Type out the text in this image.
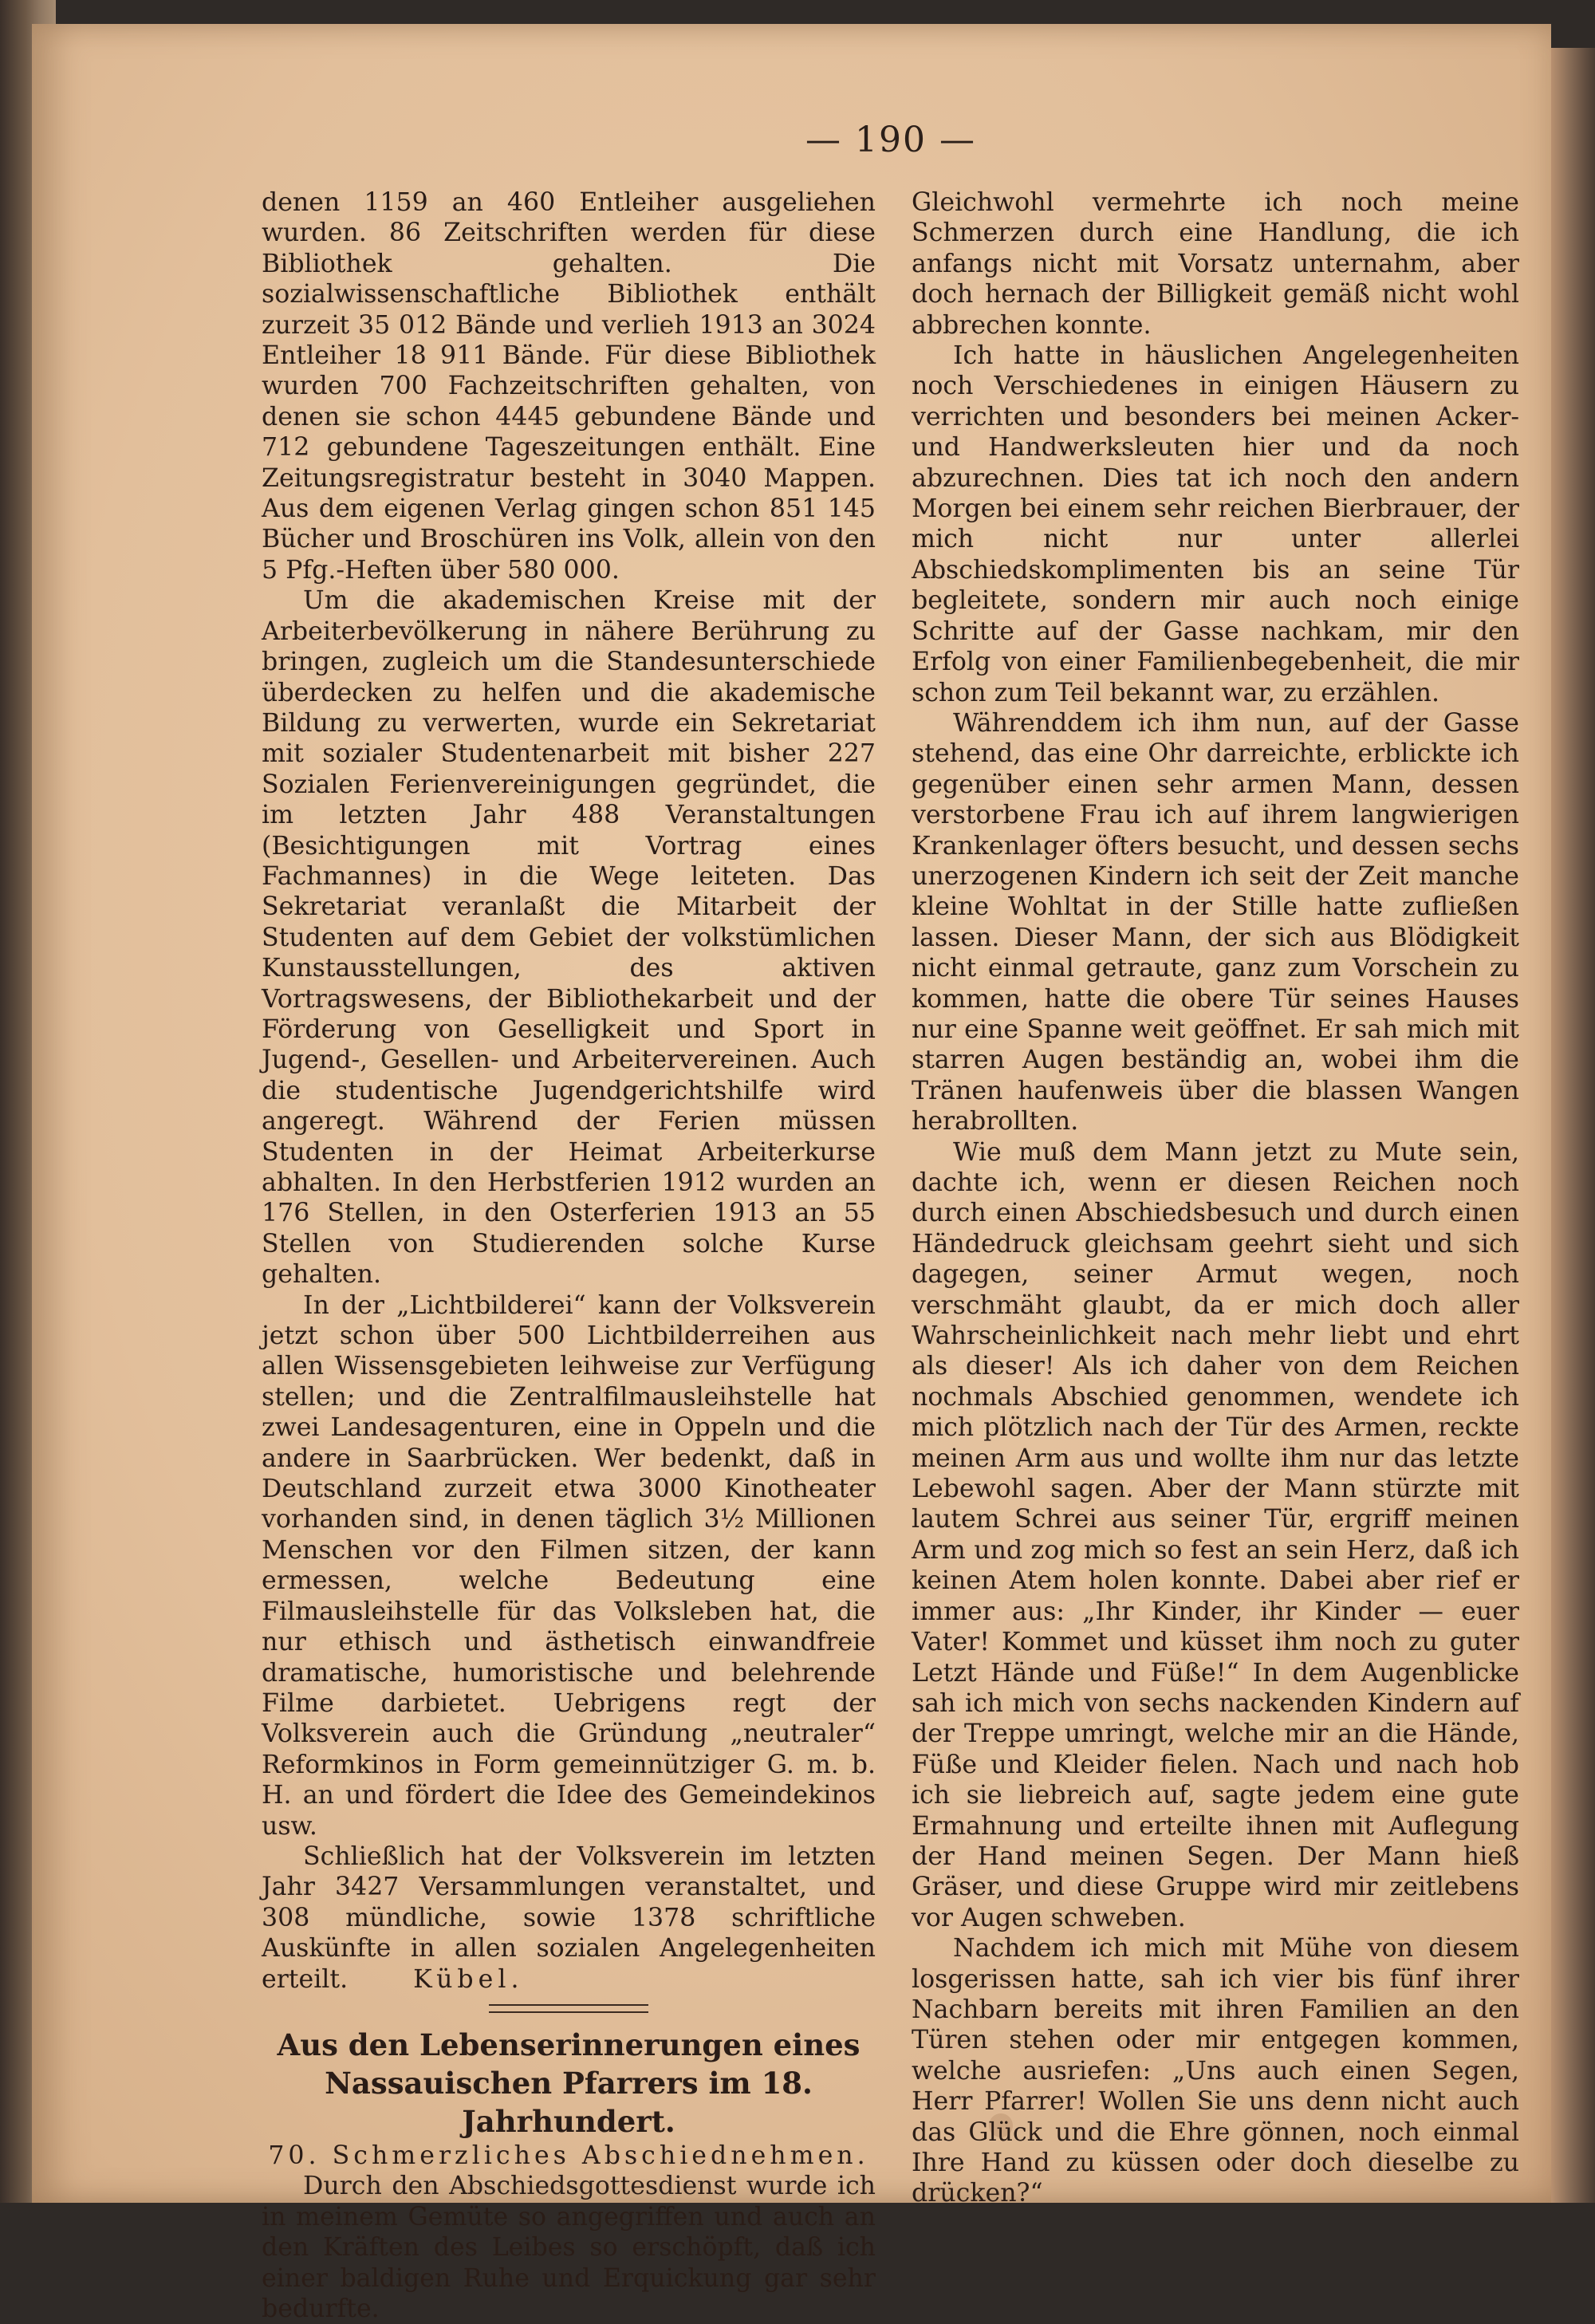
— 190 —

denen 1159 an 460 Entleiher ausgeliehen wurden. 86 Zeitschriften werden für diese Bibliothek gehalten. Die sozialwissenschaftliche Bibliothek enthält zurzeit 35 012 Bände und verlieh 1913 an 3024 Entleiher 18 911 Bände. Für diese Bibliothek wurden 700 Fachzeitschriften gehalten, von denen sie schon 4445 gebundene Bände und 712 gebundene Tageszeitungen enthält. Eine Zeitungsregistratur besteht in 3040 Mappen. Aus dem eigenen Verlag gingen schon 851 145 Bücher und Broschüren ins Volk, allein von den 5 Pfg.-Heften über 580 000.

Um die akademischen Kreise mit der Arbeiterbevölkerung in nähere Berührung zu bringen, zugleich um die Standesunterschiede überdecken zu helfen und die akademische Bildung zu verwerten, wurde ein Sekretariat mit sozialer Studentenarbeit mit bisher 227 Sozialen Ferienvereinigungen gegründet, die im letzten Jahr 488 Veranstaltungen (Besichtigungen mit Vortrag eines Fachmannes) in die Wege leiteten. Das Sekretariat veranlaßt die Mitarbeit der Studenten auf dem Gebiet der volkstümlichen Kunstausstellungen, des aktiven Vortragswesens, der Bibliothekarbeit und der Förderung von Geselligkeit und Sport in Jugend-, Gesellen- und Arbeitervereinen. Auch die studentische Jugendgerichtshilfe wird angeregt. Während der Ferien müssen Studenten in der Heimat Arbeiterkurse abhalten. In den Herbstferien 1912 wurden an 176 Stellen, in den Osterferien 1913 an 55 Stellen von Studierenden solche Kurse gehalten.

In der „Lichtbilderei“ kann der Volksverein jetzt schon über 500 Lichtbilderreihen aus allen Wissensgebieten leihweise zur Verfügung stellen; und die Zentralfilmausleihstelle hat zwei Landesagenturen, eine in Oppeln und die andere in Saarbrücken. Wer bedenkt, daß in Deutschland zurzeit etwa 3000 Kinotheater vorhanden sind, in denen täglich 3½ Millionen Menschen vor den Filmen sitzen, der kann ermessen, welche Bedeutung eine Filmausleihstelle für das Volksleben hat, die nur ethisch und ästhetisch einwandfreie dramatische, humoristische und belehrende Filme darbietet. Uebrigens regt der Volksverein auch die Gründung „neutraler“ Reformkinos in Form gemeinnütziger G. m. b. H. an und fördert die Idee des Gemeindekinos usw.

Schließlich hat der Volksverein im letzten Jahr 3427 Versammlungen veranstaltet, und 308 mündliche, sowie 1378 schriftliche Auskünfte in allen sozialen Angelegenheiten erteilt.	Kübel.

Aus den Lebenserinnerungen eines Nassauischen Pfarrers im 18. Jahrhundert.

70. Schmerzliches Abschiednehmen.

Durch den Abschiedsgottesdienst wurde ich in meinem Gemüte so angegriffen und auch an den Kräften des Leibes so erschöpft, daß ich einer baldigen Ruhe und Erquickung gar sehr bedurfte.

Gleichwohl vermehrte ich noch meine Schmerzen durch eine Handlung, die ich anfangs nicht mit Vorsatz unternahm, aber doch hernach der Billigkeit gemäß nicht wohl abbrechen konnte.

Ich hatte in häuslichen Angelegenheiten noch Verschiedenes in einigen Häusern zu verrichten und besonders bei meinen Acker- und Handwerksleuten hier und da noch abzurechnen. Dies tat ich noch den andern Morgen bei einem sehr reichen Bierbrauer, der mich nicht nur unter allerlei Abschiedskomplimenten bis an seine Tür begleitete, sondern mir auch noch einige Schritte auf der Gasse nachkam, mir den Erfolg von einer Familienbegebenheit, die mir schon zum Teil bekannt war, zu erzählen.

Währenddem ich ihm nun, auf der Gasse stehend, das eine Ohr darreichte, erblickte ich gegenüber einen sehr armen Mann, dessen verstorbene Frau ich auf ihrem langwierigen Krankenlager öfters besucht, und dessen sechs unerzogenen Kindern ich seit der Zeit manche kleine Wohltat in der Stille hatte zufließen lassen. Dieser Mann, der sich aus Blödigkeit nicht einmal getraute, ganz zum Vorschein zu kommen, hatte die obere Tür seines Hauses nur eine Spanne weit geöffnet. Er sah mich mit starren Augen beständig an, wobei ihm die Tränen haufenweis über die blassen Wangen herabrollten.

Wie muß dem Mann jetzt zu Mute sein, dachte ich, wenn er diesen Reichen noch durch einen Abschiedsbesuch und durch einen Händedruck gleichsam geehrt sieht und sich dagegen, seiner Armut wegen, noch verschmäht glaubt, da er mich doch aller Wahrscheinlichkeit nach mehr liebt und ehrt als dieser! Als ich daher von dem Reichen nochmals Abschied genommen, wendete ich mich plötzlich nach der Tür des Armen, reckte meinen Arm aus und wollte ihm nur das letzte Lebewohl sagen. Aber der Mann stürzte mit lautem Schrei aus seiner Tür, ergriff meinen Arm und zog mich so fest an sein Herz, daß ich keinen Atem holen konnte. Dabei aber rief er immer aus: „Ihr Kinder, ihr Kinder — euer Vater! Kommet und küsset ihm noch zu guter Letzt Hände und Füße!“ In dem Augenblicke sah ich mich von sechs nackenden Kindern auf der Treppe umringt, welche mir an die Hände, Füße und Kleider fielen. Nach und nach hob ich sie liebreich auf, sagte jedem eine gute Ermahnung und erteilte ihnen mit Auflegung der Hand meinen Segen. Der Mann hieß Gräser, und diese Gruppe wird mir zeitlebens vor Augen schweben.

Nachdem ich mich mit Mühe von diesem losgerissen hatte, sah ich vier bis fünf ihrer Nachbarn bereits mit ihren Familien an den Türen stehen oder mir entgegen kommen, welche ausriefen: „Uns auch einen Segen, Herr Pfarrer! Wollen Sie uns denn nicht auch das Glück und die Ehre gönnen, noch einmal Ihre Hand zu küssen oder doch dieselbe zu drücken?“
